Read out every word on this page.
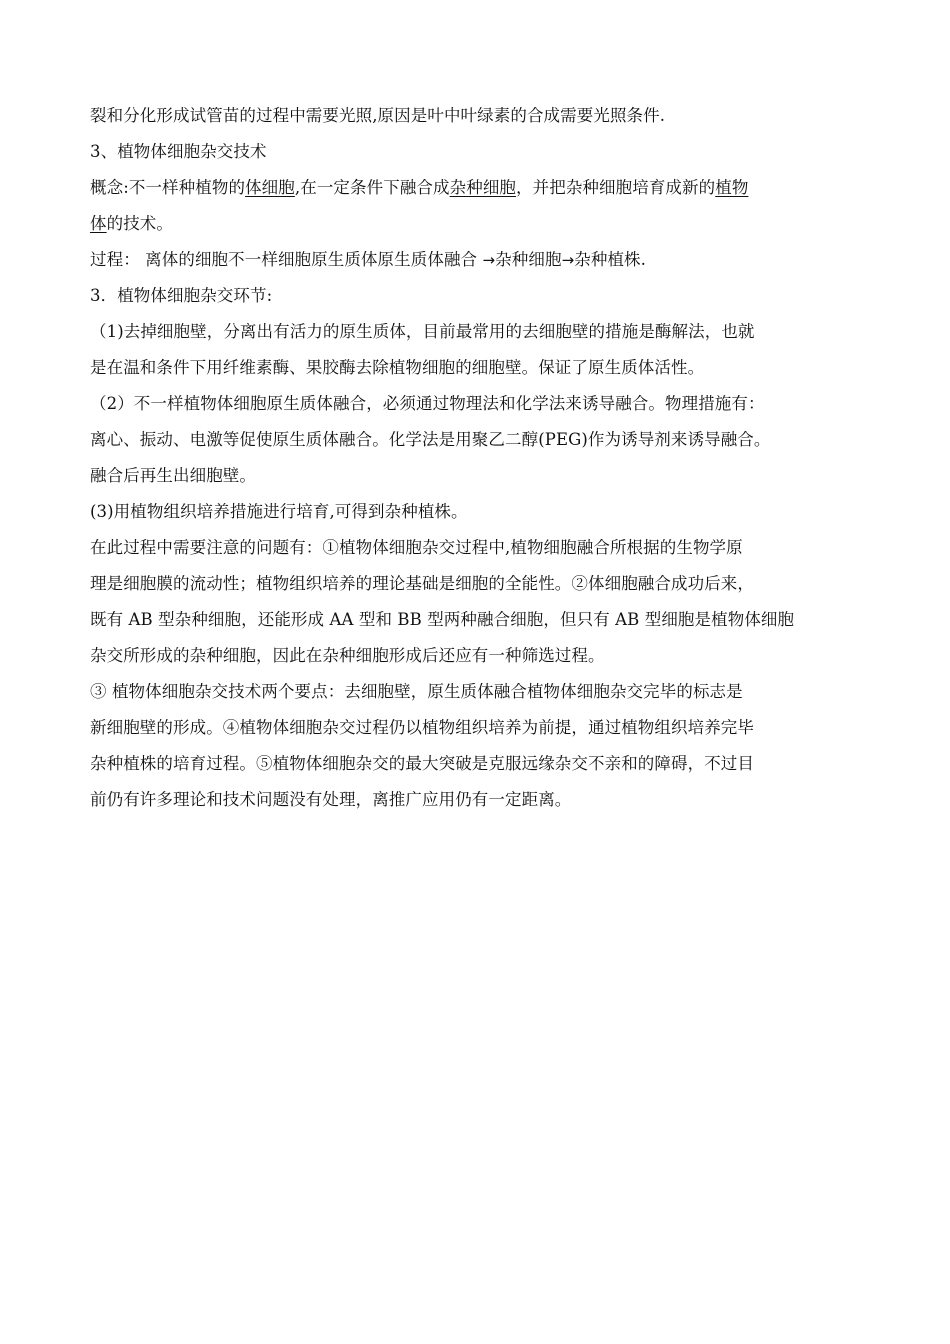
裂和分化形成试管苗的过程中需要光照,原因是叶中叶绿素的合成需要光照条件.
3、植物体细胞杂交技术
概念:不一样种植物的体细胞,在一定条件下融合成杂种细胞，并把杂种细胞培育成新的植物
体的技术。
过程： 离体的细胞不一样细胞原生质体原生质体融合 →杂种细胞→杂种植株.
3．植物体细胞杂交环节:
（1)去掉细胞壁，分离出有活力的原生质体，目前最常用的去细胞壁的措施是酶解法，也就
是在温和条件下用纤维素酶、果胶酶去除植物细胞的细胞壁。保证了原生质体活性。
（2）不一样植物体细胞原生质体融合，必须通过物理法和化学法来诱导融合。物理措施有：
离心、振动、电激等促使原生质体融合。化学法是用聚乙二醇(PEG)作为诱导剂来诱导融合。
融合后再生出细胞壁。
(3)用植物组织培养措施进行培育,可得到杂种植株。
在此过程中需要注意的问题有：①植物体细胞杂交过程中,植物细胞融合所根据的生物学原
理是细胞膜的流动性；植物组织培养的理论基础是细胞的全能性。②体细胞融合成功后来，
既有 AB 型杂种细胞，还能形成 AA 型和 BB 型两种融合细胞，但只有 AB 型细胞是植物体细胞
杂交所形成的杂种细胞，因此在杂种细胞形成后还应有一种筛选过程。
③ 植物体细胞杂交技术两个要点：去细胞壁，原生质体融合植物体细胞杂交完毕的标志是
新细胞壁的形成。④植物体细胞杂交过程仍以植物组织培养为前提，通过植物组织培养完毕
杂种植株的培育过程。⑤植物体细胞杂交的最大突破是克服远缘杂交不亲和的障碍，不过目
前仍有许多理论和技术问题没有处理，离推广应用仍有一定距离。
